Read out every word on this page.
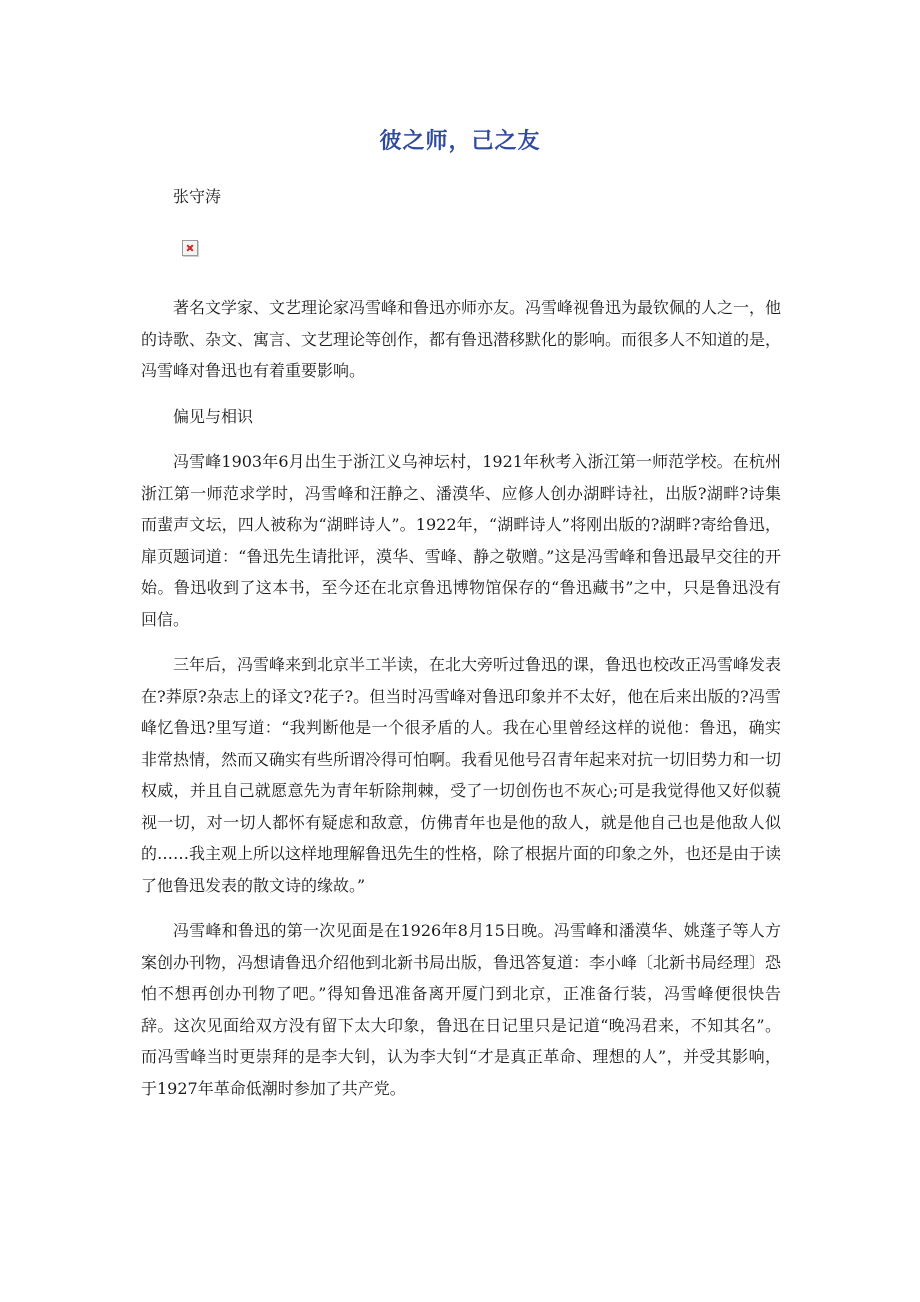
彼之师，己之友
张守涛

著名文学家、文艺理论家冯雪峰和鲁迅亦师亦友。冯雪峰视鲁迅为最钦佩的人之一，他的诗歌、杂文、寓言、文艺理论等创作，都有鲁迅潜移默化的影响。而很多人不知道的是，冯雪峰对鲁迅也有着重要影响。

偏见与相识

冯雪峰1903年6月出生于浙江义乌神坛村，1921年秋考入浙江第一师范学校。在杭州浙江第一师范求学时，冯雪峰和汪静之、潘漠华、应修人创办湖畔诗社，出版?湖畔?诗集而蜚声文坛，四人被称为“湖畔诗人”。1922年，“湖畔诗人”将刚出版的?湖畔?寄给鲁迅，扉页题词道：“鲁迅先生请批评，漠华、雪峰、静之敬赠。”这是冯雪峰和鲁迅最早交往的开始。鲁迅收到了这本书，至今还在北京鲁迅博物馆保存的“鲁迅藏书”之中，只是鲁迅没有回信。

三年后，冯雪峰来到北京半工半读，在北大旁听过鲁迅的课，鲁迅也校改正冯雪峰发表在?莽原?杂志上的译文?花子?。但当时冯雪峰对鲁迅印象并不太好，他在后来出版的?冯雪峰忆鲁迅?里写道：“我判断他是一个很矛盾的人。我在心里曾经这样的说他：鲁迅，确实非常热情，然而又确实有些所谓冷得可怕啊。我看见他号召青年起来对抗一切旧势力和一切权威，并且自己就愿意先为青年斩除荆棘，受了一切创伤也不灰心;可是我觉得他又好似藐视一切，对一切人都怀有疑虑和敌意，仿佛青年也是他的敌人，就是他自己也是他敌人似的……我主观上所以这样地理解鲁迅先生的性格，除了根据片面的印象之外，也还是由于读了他鲁迅发表的散文诗的缘故。”

冯雪峰和鲁迅的第一次见面是在1926年8月15日晚。冯雪峰和潘漠华、姚蓬子等人方案创办刊物，冯想请鲁迅介绍他到北新书局出版，鲁迅答复道：李小峰〔北新书局经理〕恐怕不想再创办刊物了吧。”得知鲁迅准备离开厦门到北京，正准备行装，冯雪峰便很快告辞。这次见面给双方没有留下太大印象，鲁迅在日记里只是记道“晚冯君来，不知其名”。而冯雪峰当时更崇拜的是李大钊，认为李大钊“才是真正革命、理想的人”，并受其影响，于1927年革命低潮时参加了共产党。
